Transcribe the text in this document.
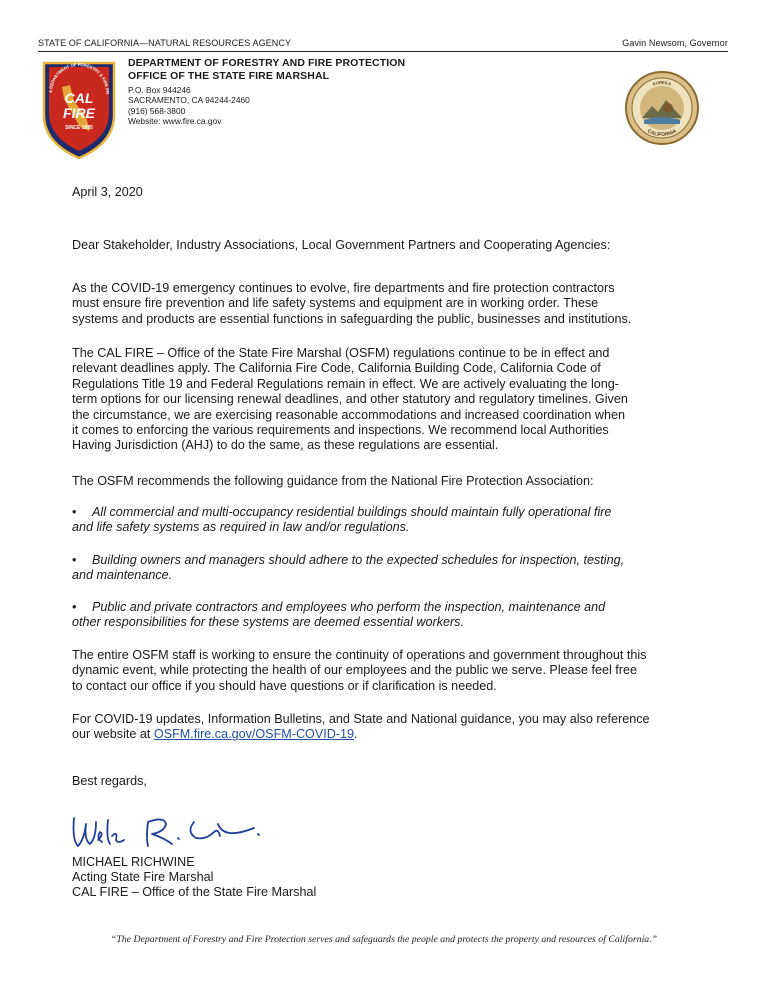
STATE OF CALIFORNIA—NATURAL RESOURCES AGENCY	Gavin Newsom, Governor
A DEPARTMENT OF FORESTRY & FIRE PR
CAL
FIRE
SINCE 1885
DEPARTMENT OF FORESTRY AND FIRE PROTECTION
OFFICE OF THE STATE FIRE MARSHAL
P.O. Box 944246
SACRAMENTO, CA 94244-2460
(916) 568-3800
Website: www.fire.ca.gov
EUREKA
CALIFORNIA
April 3, 2020
Dear Stakeholder, Industry Associations, Local Government Partners and Cooperating Agencies:

As the COVID-19 emergency continues to evolve, fire departments and fire protection contractors

must ensure fire prevention and life safety systems and equipment are in working order. These

systems and products are essential functions in safeguarding the public, businesses and institutions.

The CAL FIRE – Office of the State Fire Marshal (OSFM) regulations continue to be in effect and

relevant deadlines apply. The California Fire Code, California Building Code, California Code of

Regulations Title 19 and Federal Regulations remain in effect. We are actively evaluating the long-

term options for our licensing renewal deadlines, and other statutory and regulatory timelines. Given

the circumstance, we are exercising reasonable accommodations and increased coordination when

it comes to enforcing the various requirements and inspections. We recommend local Authorities

Having Jurisdiction (AHJ) to do the same, as these regulations are essential.

The OSFM recommends the following guidance from the National Fire Protection Association:

• All commercial and multi-occupancy residential buildings should maintain fully operational fire

and life safety systems as required in law and/or regulations.

• Building owners and managers should adhere to the expected schedules for inspection, testing,

and maintenance.

• Public and private contractors and employees who perform the inspection, maintenance and

other responsibilities for these systems are deemed essential workers.

The entire OSFM staff is working to ensure the continuity of operations and government throughout this

dynamic event, while protecting the health of our employees and the public we serve. Please feel free

to contact our office if you should have questions or if clarification is needed.

For COVID-19 updates, Information Bulletins, and State and National guidance, you may also reference

our website at OSFM.fire.ca.gov/OSFM-COVID-19.

Best regards,

MICHAEL RICHWINE

Acting State Fire Marshal

CAL FIRE – Office of the State Fire Marshal

“The Department of Forestry and Fire Protection serves and safeguards the people and protects the property and resources of California.”
